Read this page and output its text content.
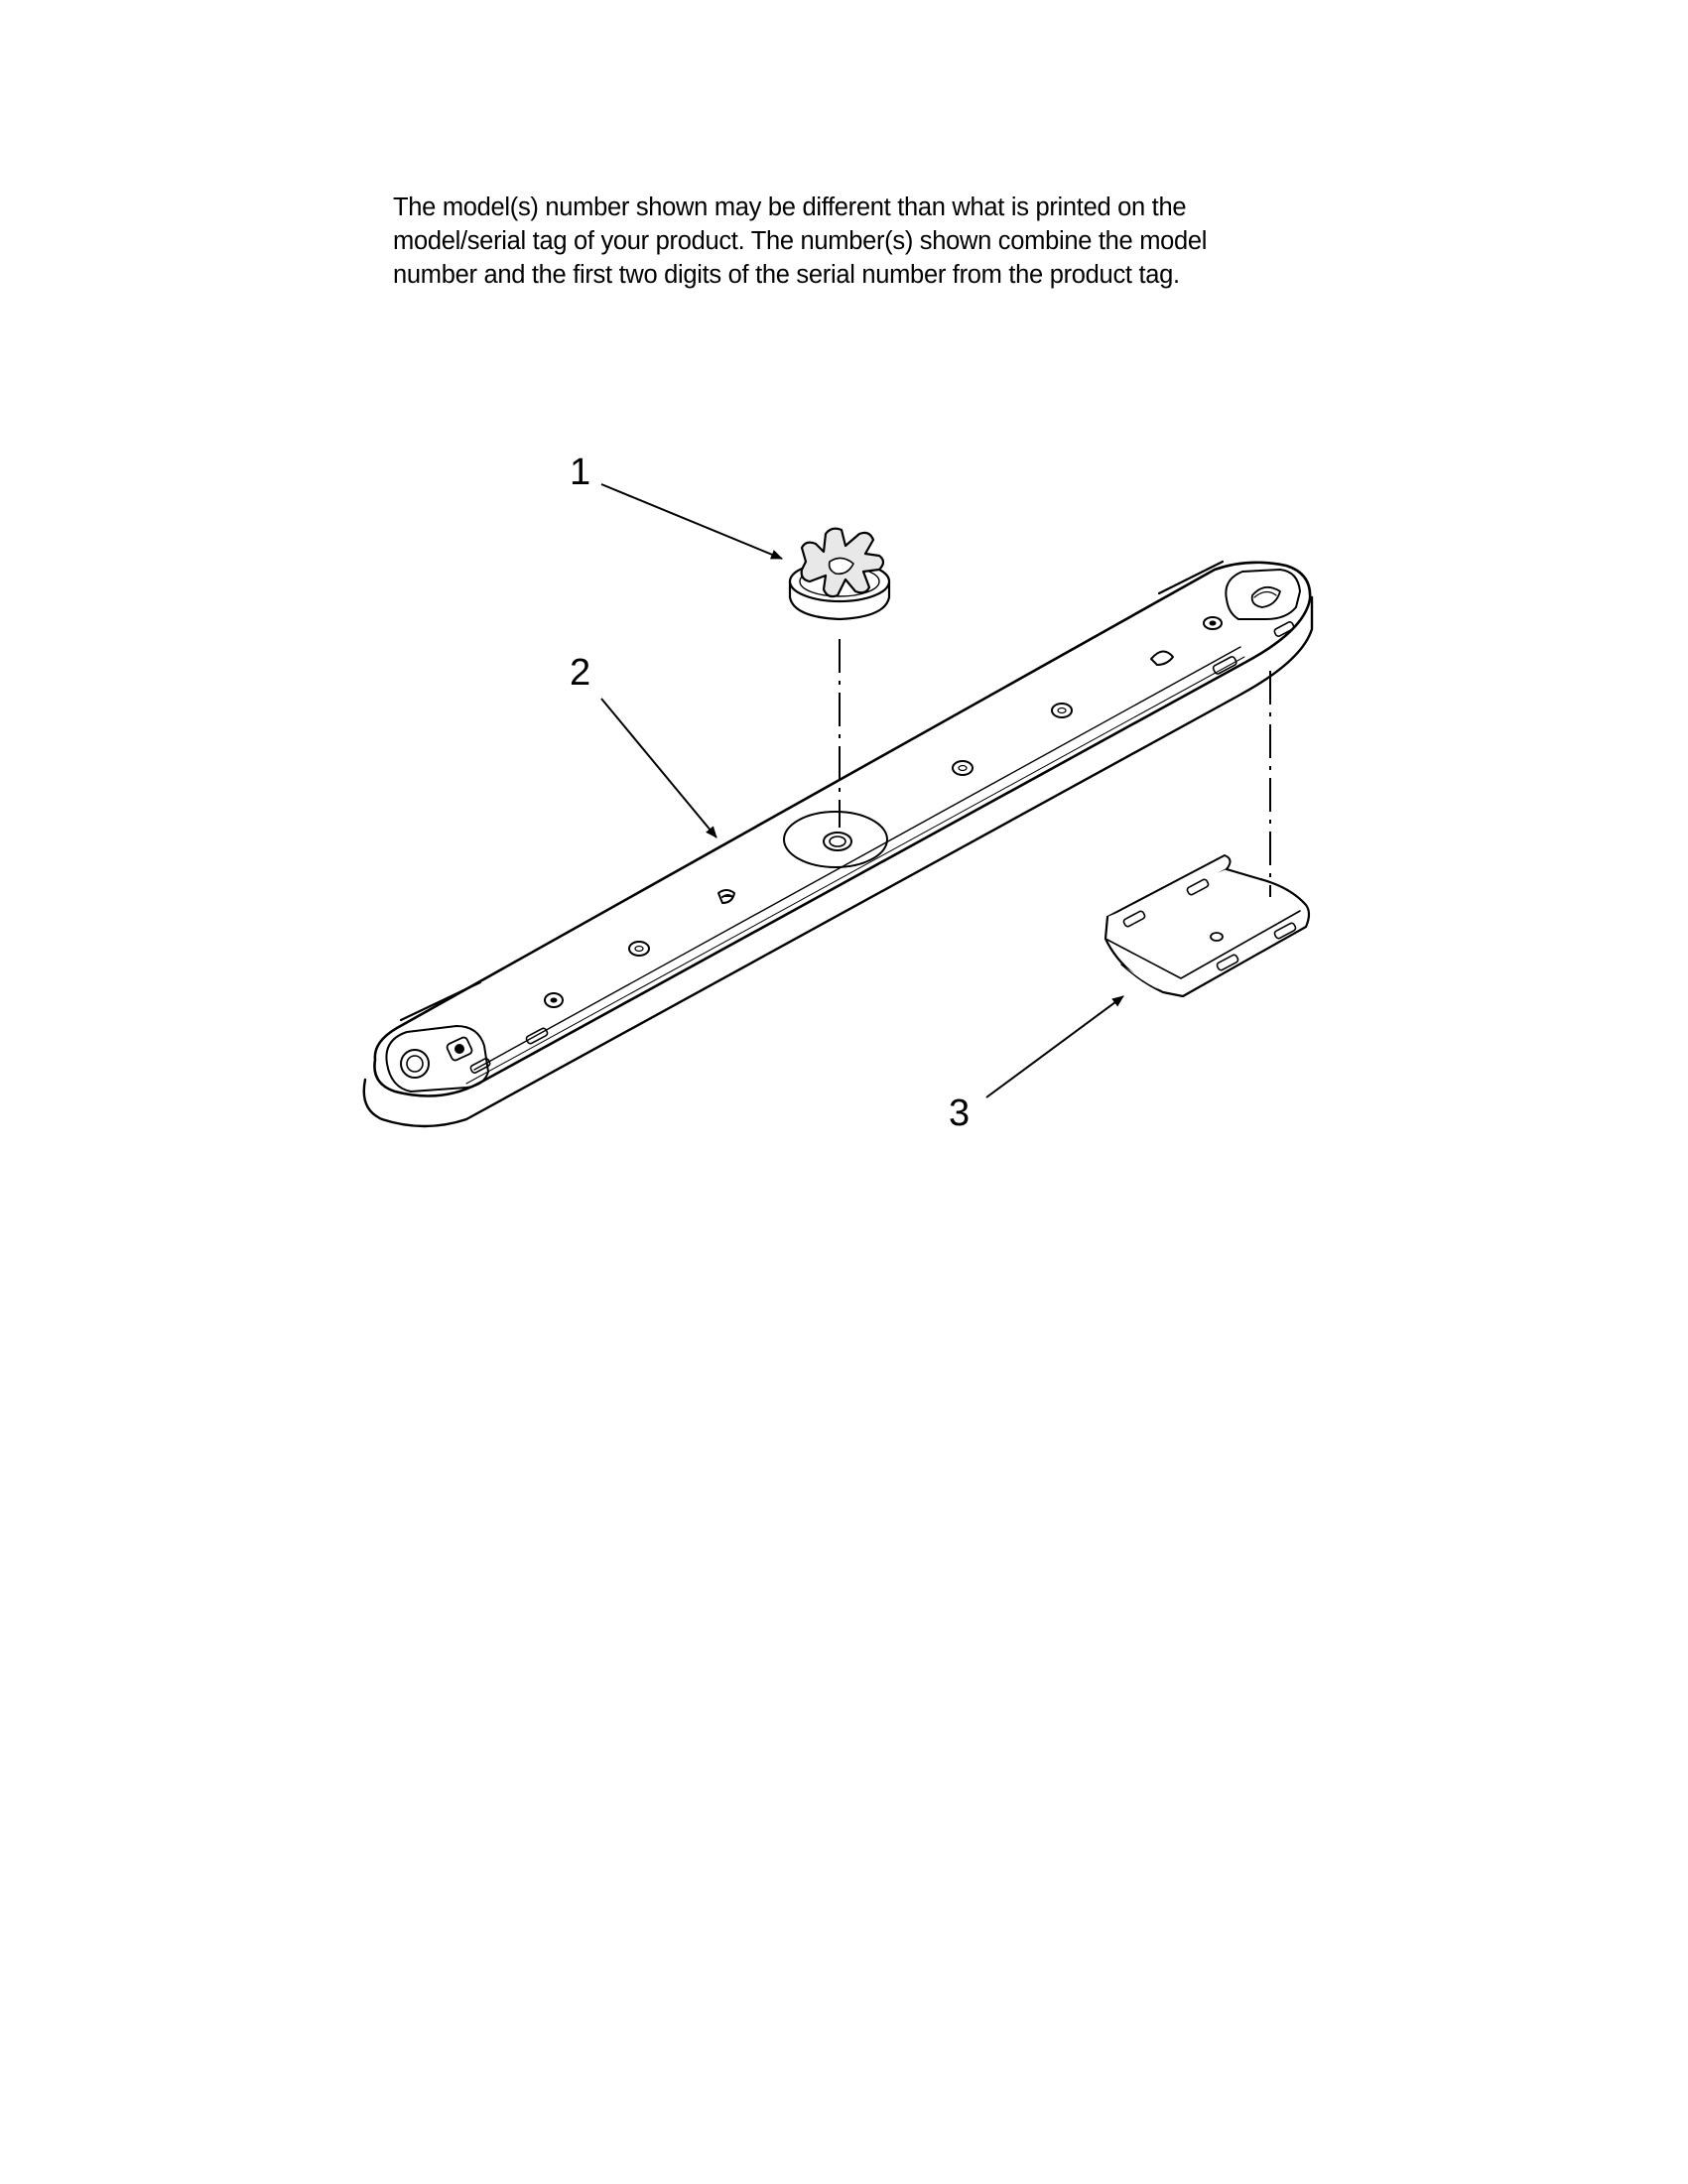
The model(s) number shown may be different than what is printed on the
model/serial tag of your product. The number(s) shown combine the model
number and the first two digits of the serial number from the product tag.
1
2
3
